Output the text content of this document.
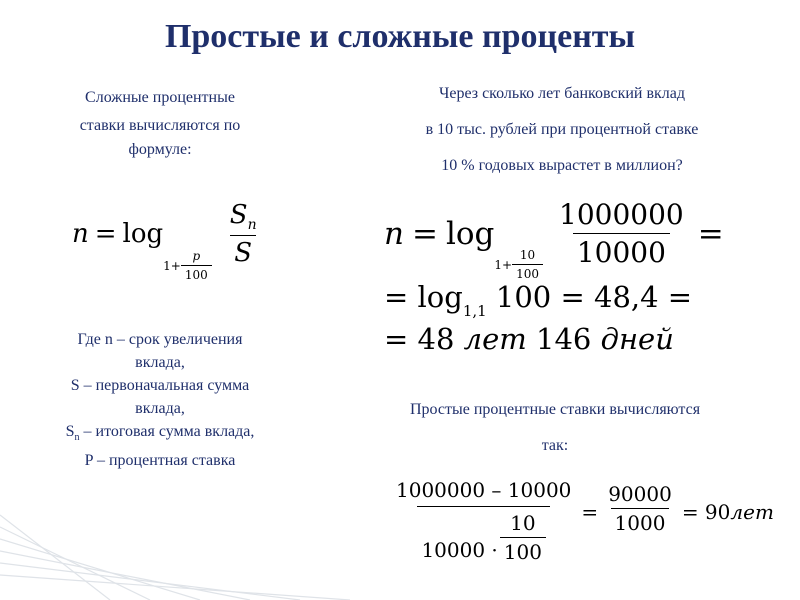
Простые и сложные проценты
Сложные процентные
ставки вычисляются по
формуле:
n = log
$1+ \frac{p}{100} \frac{S_n}{S}$
Где n – срок увеличения
вклада,
S – первоначальная сумма
вклада,
$S_n$ – итоговая сумма вклада,
P – процентная ставка
Через сколько лет банковский вклад
в 10 тыс. рублей при процентной ставке
10 % годовых вырастет в миллион?
n = log
$1+ \frac{10}{100} \frac{1000000}{10000}$ =
= $\log_{1,1} 100 = 48,4$ =
= 48 лет 146 дней
Простые процентные ставки вычисляются
так:
$\frac{1000000 - 10000}{10000 \cdot \frac{10}{100}} = \frac{90000}{1000} = 90$ лет
